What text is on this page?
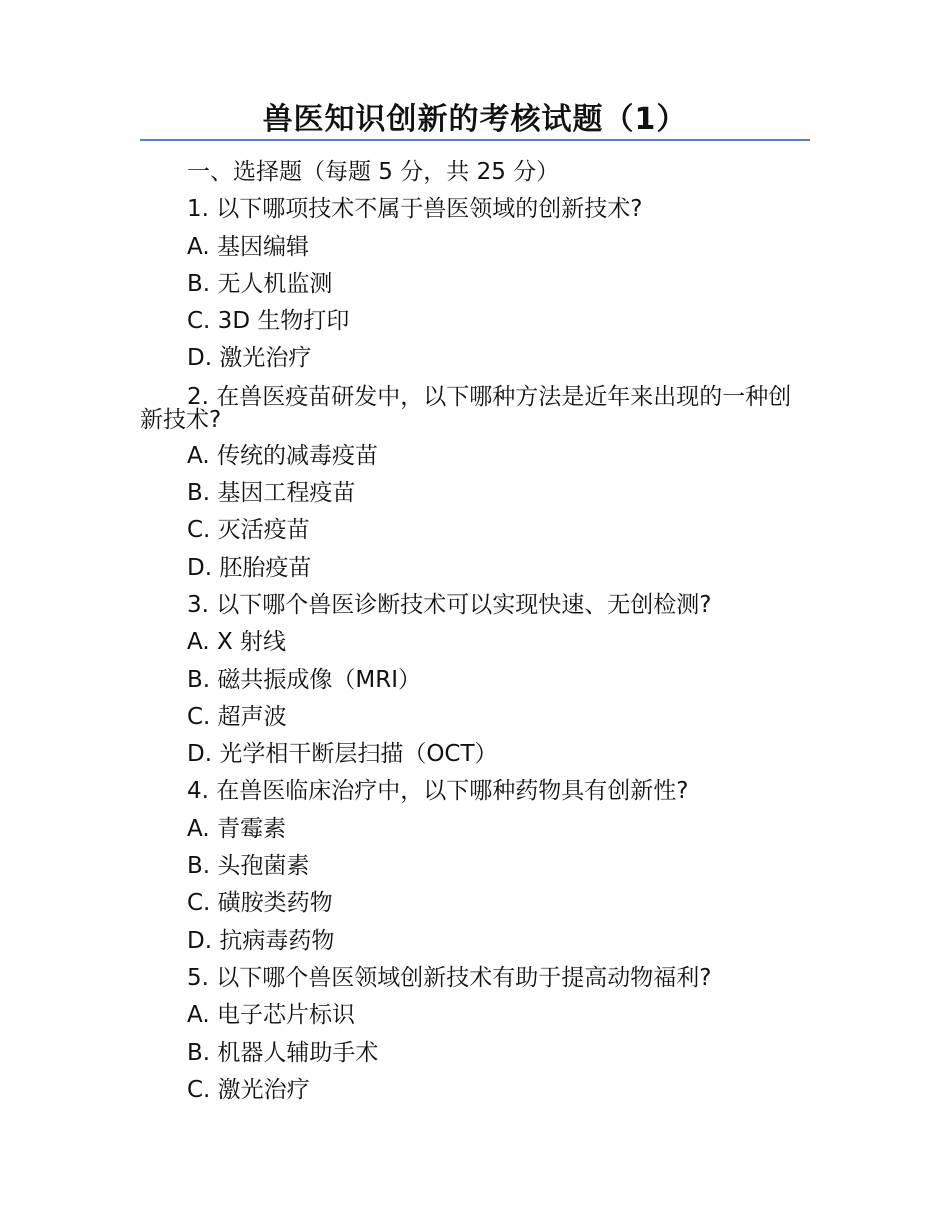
兽医知识创新的考核试题（1）
一、选择题（每题 5 分，共 25 分）
1. 以下哪项技术不属于兽医领域的创新技术?
A. 基因编辑
B. 无人机监测
C. 3D 生物打印
D. 激光治疗
2. 在兽医疫苗研发中，以下哪种方法是近年来出现的一种创新技术?
A. 传统的减毒疫苗
B. 基因工程疫苗
C. 灭活疫苗
D. 胚胎疫苗
3. 以下哪个兽医诊断技术可以实现快速、无创检测?
A. X 射线
B. 磁共振成像（MRI）
C. 超声波
D. 光学相干断层扫描（OCT）
4. 在兽医临床治疗中，以下哪种药物具有创新性?
A. 青霉素
B. 头孢菌素
C. 磺胺类药物
D. 抗病毒药物
5. 以下哪个兽医领域创新技术有助于提高动物福利?
A. 电子芯片标识
B. 机器人辅助手术
C. 激光治疗
